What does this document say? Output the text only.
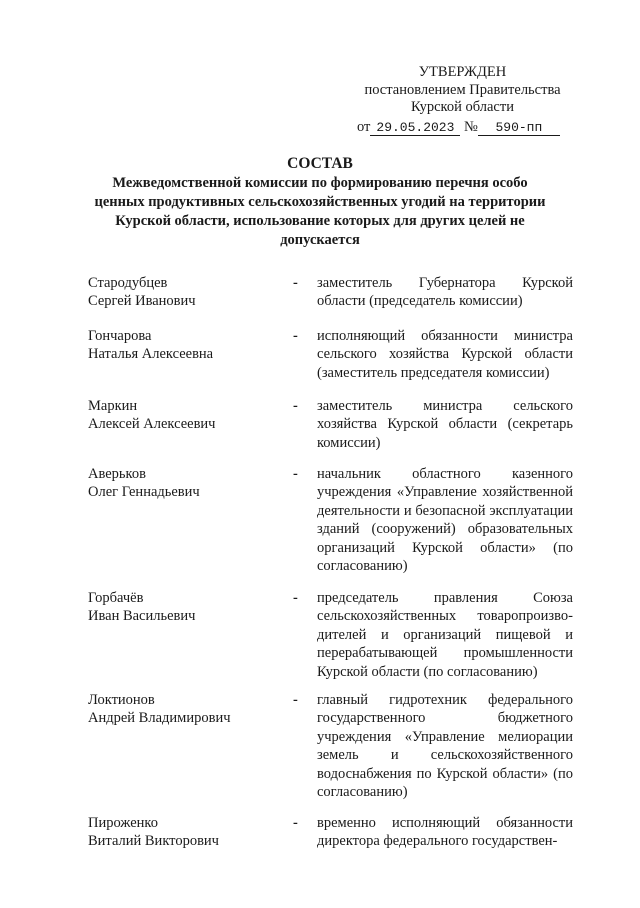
УТВЕРЖДЕН
постановлением Правительства
Курской области
от 29.05.2023 № 590-пп
СОСТАВ
Межведомственной комиссии по формированию перечня особо ценных продуктивных сельскохозяйственных угодий на территории Курской области, использование которых для других целей не допускается
Стародубцев
Сергей Иванович
-	заместитель Губернатора Курской области (председатель комиссии)
Гончарова
Наталья Алексеевна
-	исполняющий обязанности министра сельского хозяйства Курской области (заместитель председателя комиссии)
Маркин
Алексей Алексеевич
-	заместитель министра сельского хозяйства Курской области (секретарь комиссии)
Аверьков
Олег Геннадьевич
-	начальник областного казенного учреждения «Управление хозяйственной деятельности и безопасной эксплуатации зданий (сооружений) образовательных организаций Курской области» (по согласованию)
Горбачёв
Иван Васильевич
-	председатель правления Союза сельскохозяйственных товаропроизводителей и организаций пищевой и перерабатывающей промышленности Курской области (по согласованию)
Локтионов
Андрей Владимирович
-	главный гидротехник федерального государственного бюджетного учреждения «Управление мелиорации земель и сельскохозяйственного водоснабжения по Курской области» (по согласованию)
Пироженко
Виталий Викторович
-	временно исполняющий обязанности директора федерального государствен-
